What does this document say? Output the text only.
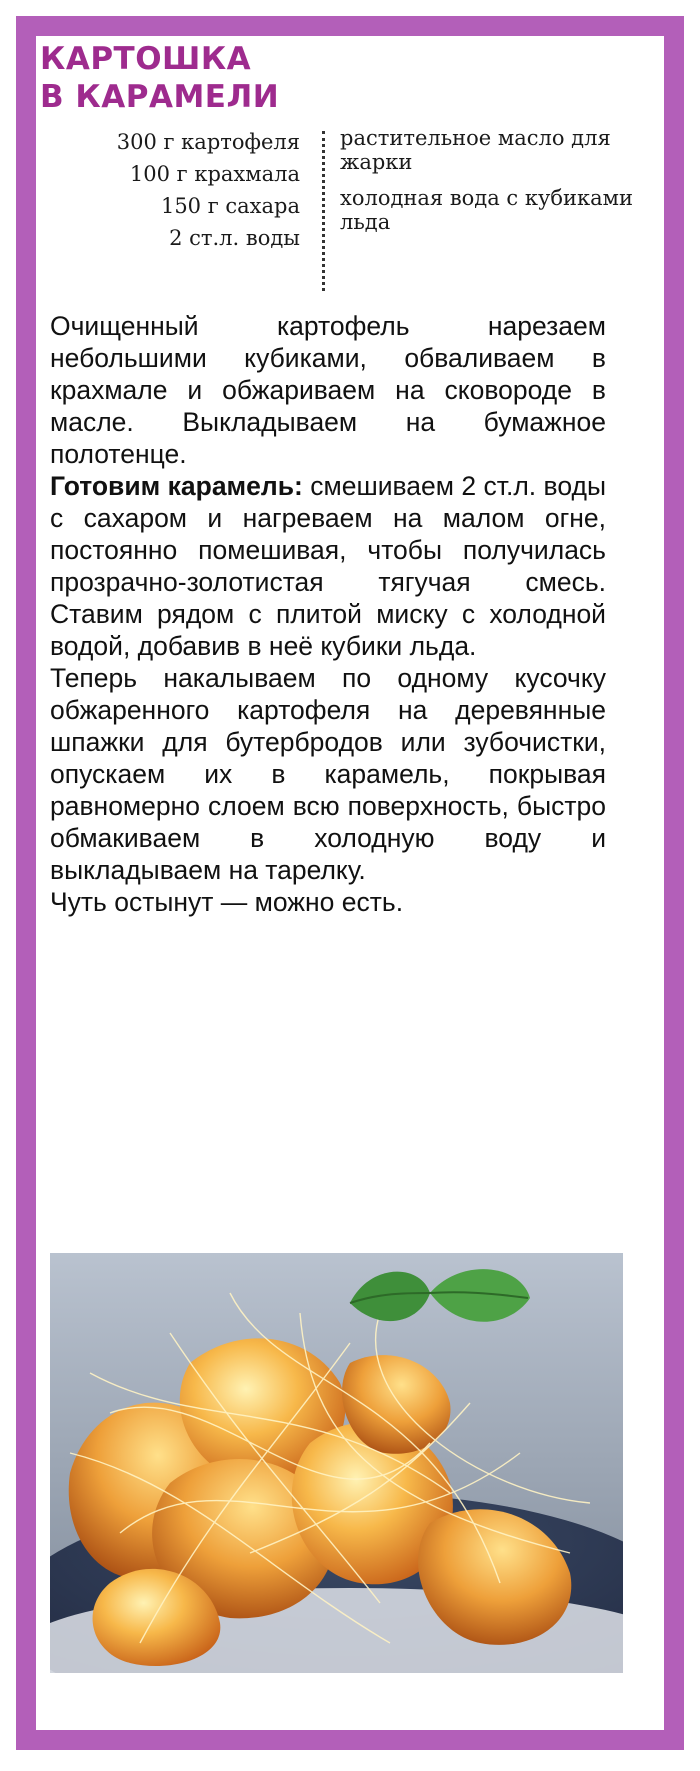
КАРТОШКА
В КАРАМЕЛИ
300 г картофеля
100 г крахмала
150 г сахара
2 ст.л. воды
растительное масло для жарки
холодная вода с кубиками льда

Очищенный картофель нарезаем небольшими кубиками, обваливаем в крахмале и обжариваем на сковороде в масле. Выкладываем на бумажное полотенце.

Готовим карамель: смешиваем 2 ст.л. воды с сахаром и нагреваем на малом огне, постоянно помешивая, чтобы получилась прозрачно-золотистая тягучая смесь. Ставим рядом с плитой миску с холодной водой, добавив в неё кубики льда.

Теперь накалываем по одному кусочку обжаренного картофеля на деревянные шпажки для бутербродов или зубочистки, опускаем их в карамель, покрывая равномерно слоем всю поверхность, быстро обмакиваем в холодную воду и выкладываем на тарелку.

Чуть остынут — можно есть.
